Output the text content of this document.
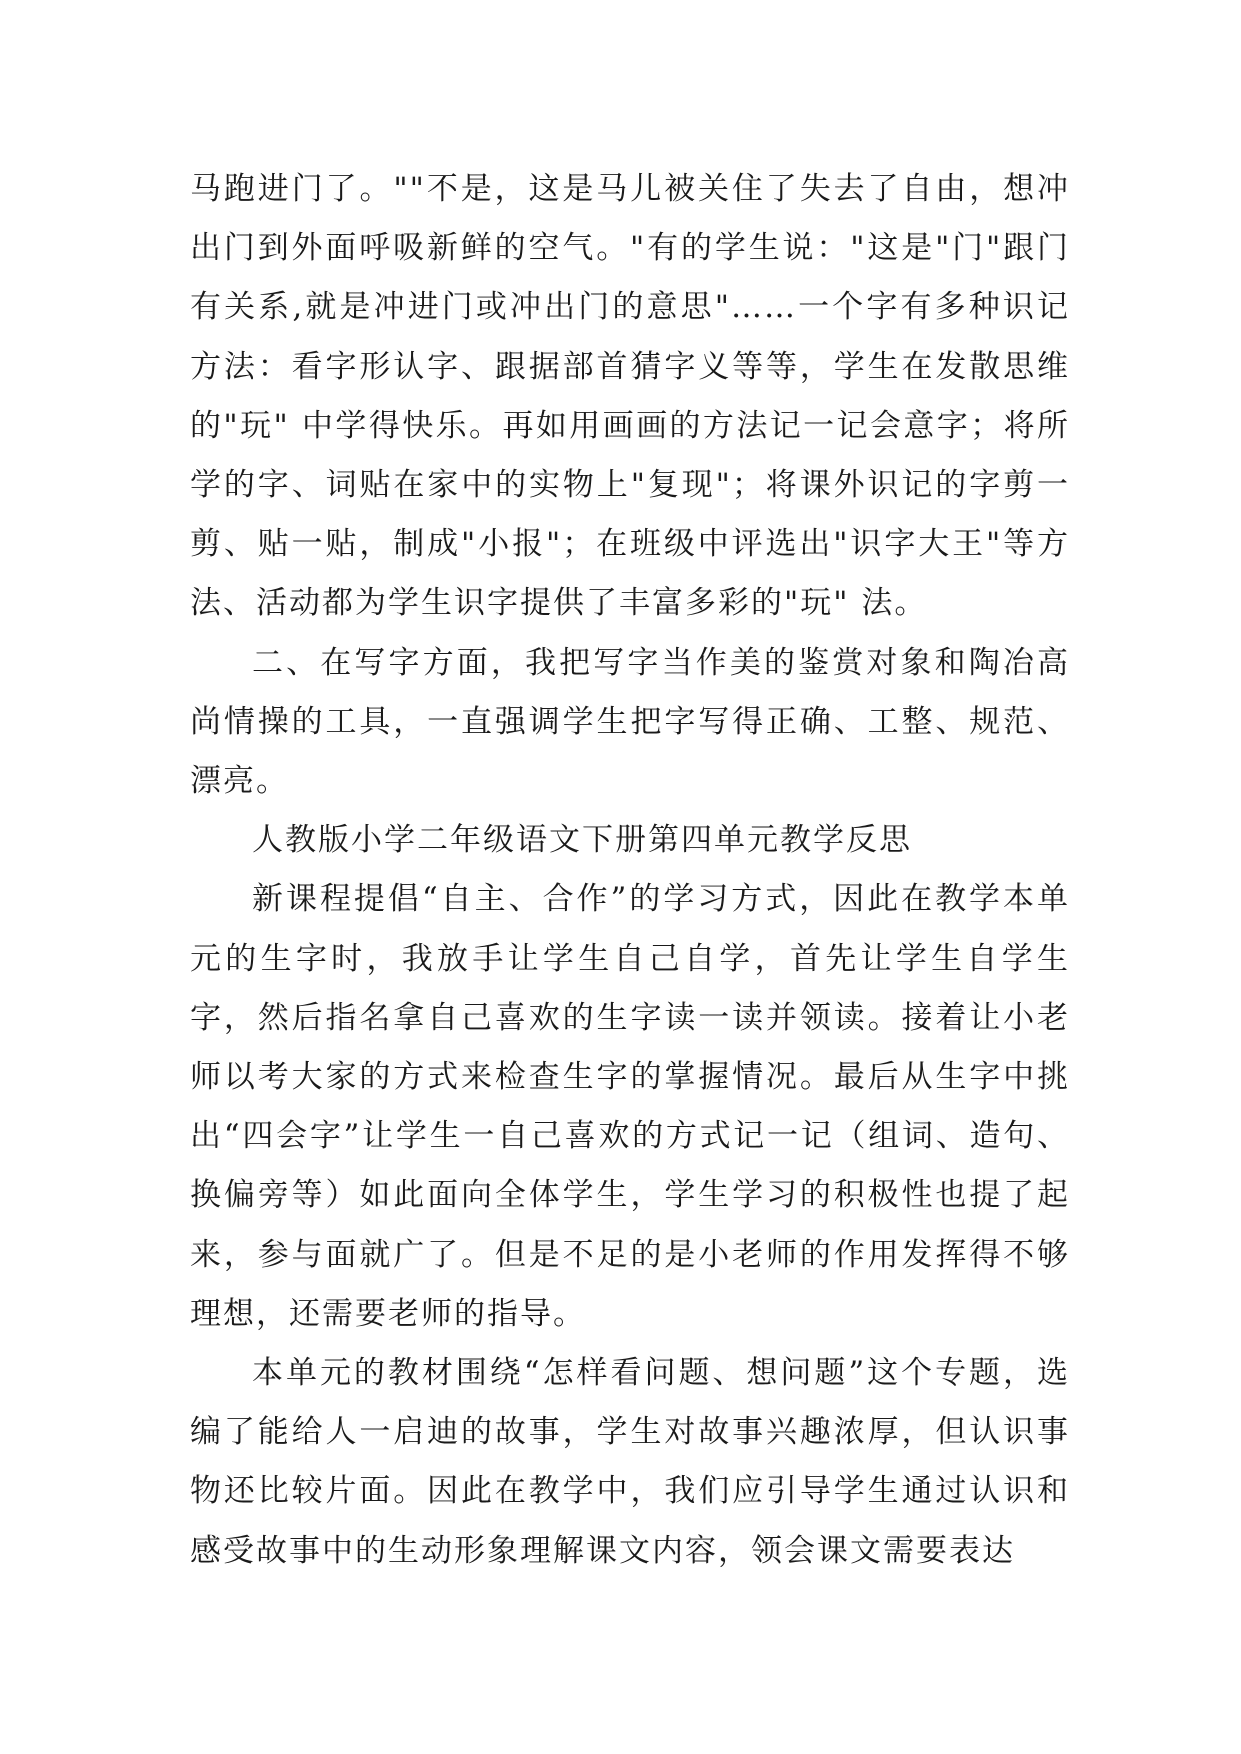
马跑进门了。""不是，这是马儿被关住了失去了自由，想冲出门到外面呼吸新鲜的空气。"有的学生说："这是"门"跟门有关系,就是冲进门或冲出门的意思"……一个字有多种识记方法：看字形认字、跟据部首猜字义等等，学生在发散思维的"玩" 中学得快乐。再如用画画的方法记一记会意字；将所学的字、词贴在家中的实物上"复现"；将课外识记的字剪一剪、贴一贴，制成"小报"；在班级中评选出"识字大王"等方法、活动都为学生识字提供了丰富多彩的"玩" 法。

二、在写字方面，我把写字当作美的鉴赏对象和陶冶高尚情操的工具，一直强调学生把字写得正确、工整、规范、漂亮。

人教版小学二年级语文下册第四单元教学反思

新课程提倡“自主、合作”的学习方式，因此在教学本单元的生字时，我放手让学生自己自学，首先让学生自学生字，然后指名拿自己喜欢的生字读一读并领读。接着让小老师以考大家的方式来检查生字的掌握情况。最后从生字中挑出“四会字”让学生一自己喜欢的方式记一记（组词、造句、换偏旁等）如此面向全体学生，学生学习的积极性也提了起来，参与面就广了。但是不足的是小老师的作用发挥得不够理想，还需要老师的指导。

本单元的教材围绕“怎样看问题、想问题”这个专题，选编了能给人一启迪的故事，学生对故事兴趣浓厚，但认识事物还比较片面。因此在教学中，我们应引导学生通过认识和感受故事中的生动形象理解课文内容，领会课文需要表达
